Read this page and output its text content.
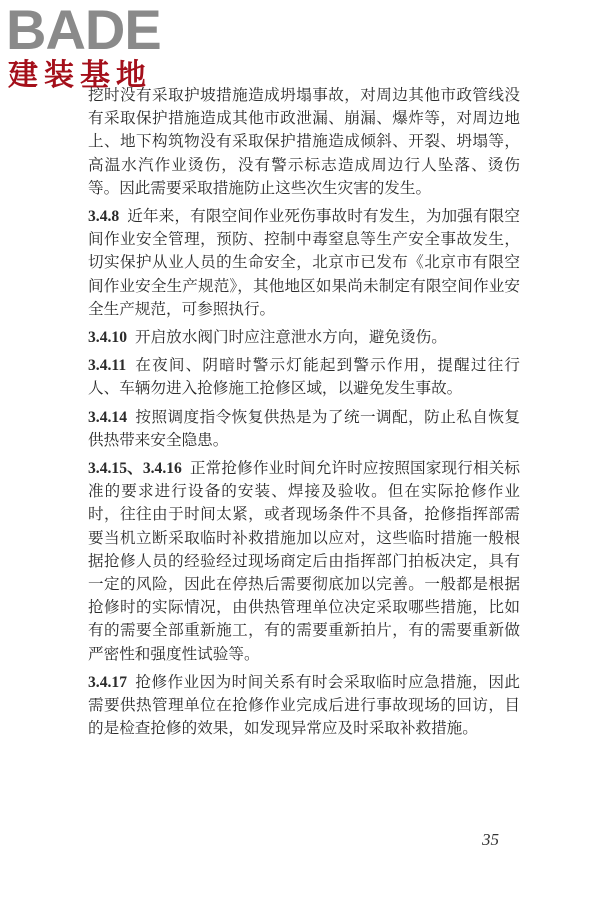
BADE
建装基地

挖时没有采取护坡措施造成坍塌事故，对周边其他市政管线没有采取保护措施造成其他市政泄漏、崩漏、爆炸等，对周边地上、地下构筑物没有采取保护措施造成倾斜、开裂、坍塌等，高温水汽作业烫伤，没有警示标志造成周边行人坠落、烫伤等。因此需要采取措施防止这些次生灾害的发生。

3.4.8 近年来，有限空间作业死伤事故时有发生，为加强有限空间作业安全管理，预防、控制中毒窒息等生产安全事故发生，切实保护从业人员的生命安全，北京市已发布《北京市有限空间作业安全生产规范》，其他地区如果尚未制定有限空间作业安全生产规范，可参照执行。

3.4.10 开启放水阀门时应注意泄水方向，避免烫伤。

3.4.11 在夜间、阴暗时警示灯能起到警示作用，提醒过往行人、车辆勿进入抢修施工抢修区域，以避免发生事故。

3.4.14 按照调度指令恢复供热是为了统一调配，防止私自恢复供热带来安全隐患。

3.4.15、3.4.16 正常抢修作业时间允许时应按照国家现行相关标准的要求进行设备的安装、焊接及验收。但在实际抢修作业时，往往由于时间太紧，或者现场条件不具备，抢修指挥部需要当机立断采取临时补救措施加以应对，这些临时措施一般根据抢修人员的经验经过现场商定后由指挥部门拍板决定，具有一定的风险，因此在停热后需要彻底加以完善。一般都是根据抢修时的实际情况，由供热管理单位决定采取哪些措施，比如有的需要全部重新施工，有的需要重新拍片，有的需要重新做严密性和强度性试验等。

3.4.17 抢修作业因为时间关系有时会采取临时应急措施，因此需要供热管理单位在抢修作业完成后进行事故现场的回访，目的是检查抢修的效果，如发现异常应及时采取补救措施。

35
